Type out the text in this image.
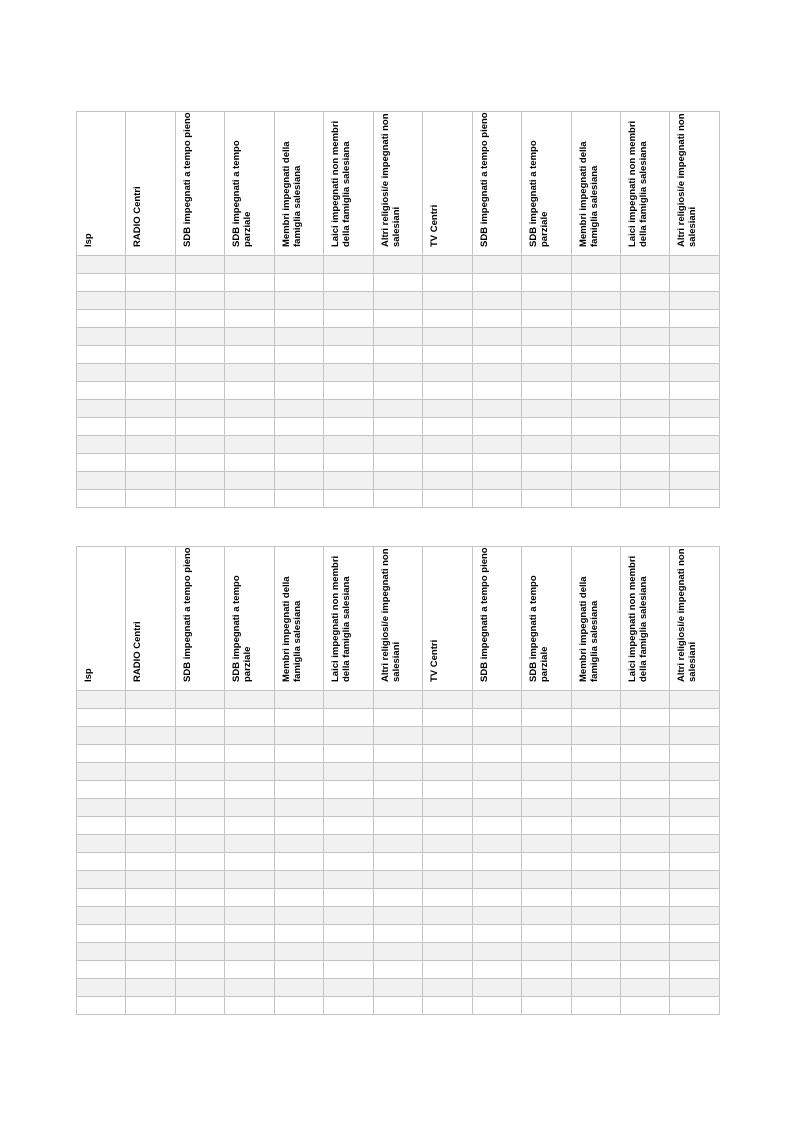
Isp	RADIO Centri	SDB impegnati a tempo pieno	SDB impegnati a tempo parziale	Membri impegnati della famiglia salesiana	Laici impegnati non membri della famiglia salesiana	Altri religiosi/e impegnati non salesiani	TV Centri	SDB impegnati a tempo pieno	SDB impegnati a tempo parziale	Membri impegnati della famiglia salesiana	Laici impegnati non membri della famiglia salesiana	Altri religiosi/e impegnati non salesiani

Isp	RADIO Centri	SDB impegnati a tempo pieno	SDB impegnati a tempo parziale	Membri impegnati della famiglia salesiana	Laici impegnati non membri della famiglia salesiana	Altri religiosi/e impegnati non salesiani	TV Centri	SDB impegnati a tempo pieno	SDB impegnati a tempo parziale	Membri impegnati della famiglia salesiana	Laici impegnati non membri della famiglia salesiana	Altri religiosi/e impegnati non salesiani
